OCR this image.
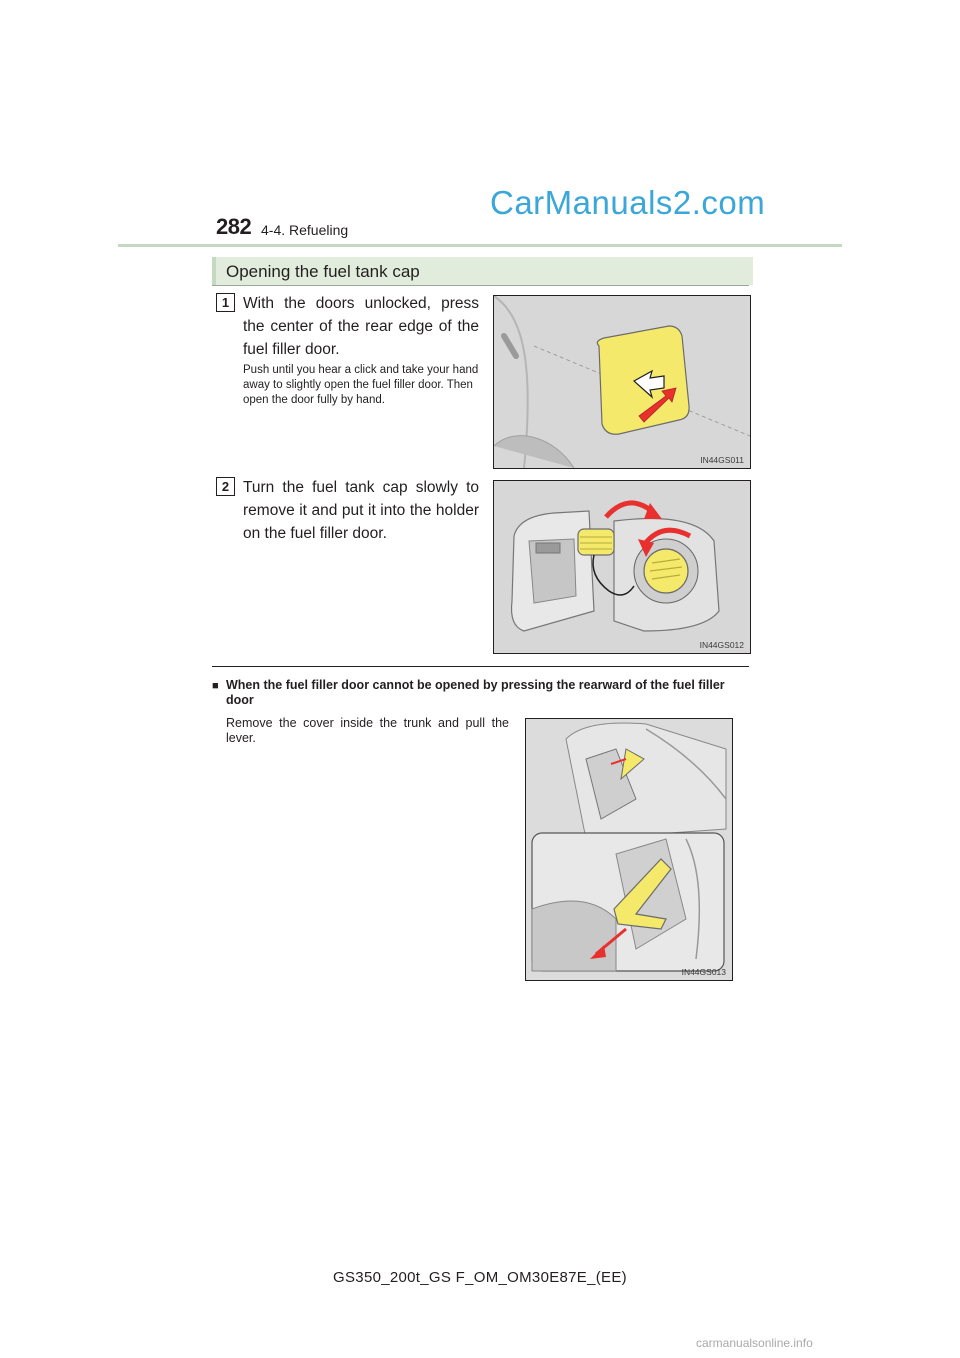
282 4-4. Refueling
CarManuals2.com
Opening the fuel tank cap
1 With the doors unlocked, press the center of the rear edge of the fuel filler door.
Push until you hear a click and take your hand away to slightly open the fuel filler door. Then open the door fully by hand.
IN44GS011
2 Turn the fuel tank cap slowly to remove it and put it into the holder on the fuel filler door.
IN44GS012
■ When the fuel filler door cannot be opened by pressing the rearward of the fuel filler door
Remove the cover inside the trunk and pull the lever.
IN44GS013
GS350_200t_GS F_OM_OM30E87E_(EE)
carmanualsonline.info
